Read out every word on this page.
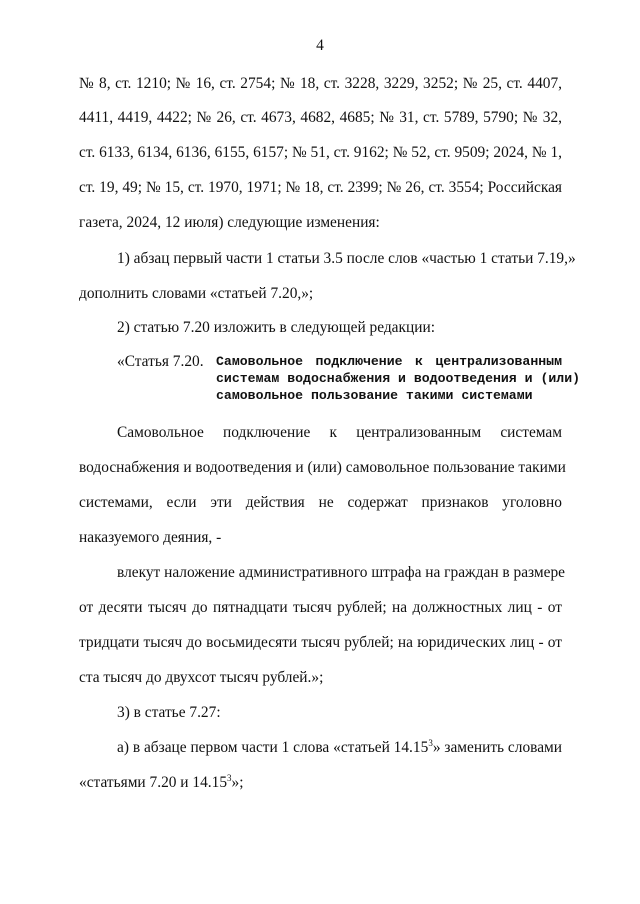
4
№ 8, ст. 1210; № 16, ст. 2754; № 18, ст. 3228, 3229, 3252; № 25, ст. 4407,
4411, 4419, 4422; № 26, ст. 4673, 4682, 4685; № 31, ст. 5789, 5790; № 32,
ст. 6133, 6134, 6136, 6155, 6157; № 51, ст. 9162; № 52, ст. 9509; 2024, № 1,
ст. 19, 49; № 15, ст. 1970, 1971; № 18, ст. 2399; № 26, ст. 3554; Российская
газета, 2024, 12 июля) следующие изменения:
1) абзац первый части 1 статьи 3.5 после слов «частью 1 статьи 7.19,»
дополнить словами «статьей 7.20,»;
2) статью 7.20 изложить в следующей редакции:
«Статья 7.20. Самовольное подключение к централизованным
системам водоснабжения и водоотведения и (или)
самовольное пользование такими системами
Самовольное подключение к централизованным системам
водоснабжения и водоотведения и (или) самовольное пользование такими
системами, если эти действия не содержат признаков уголовно
наказуемого деяния, -
влекут наложение административного штрафа на граждан в размере
от десяти тысяч до пятнадцати тысяч рублей; на должностных лиц - от
тридцати тысяч до восьмидесяти тысяч рублей; на юридических лиц - от
ста тысяч до двухсот тысяч рублей.»;
3) в статье 7.27:
а) в абзаце первом части 1 слова «статьей 14.15$^3$» заменить словами
«статьями 7.20 и 14.15$^3$»;
